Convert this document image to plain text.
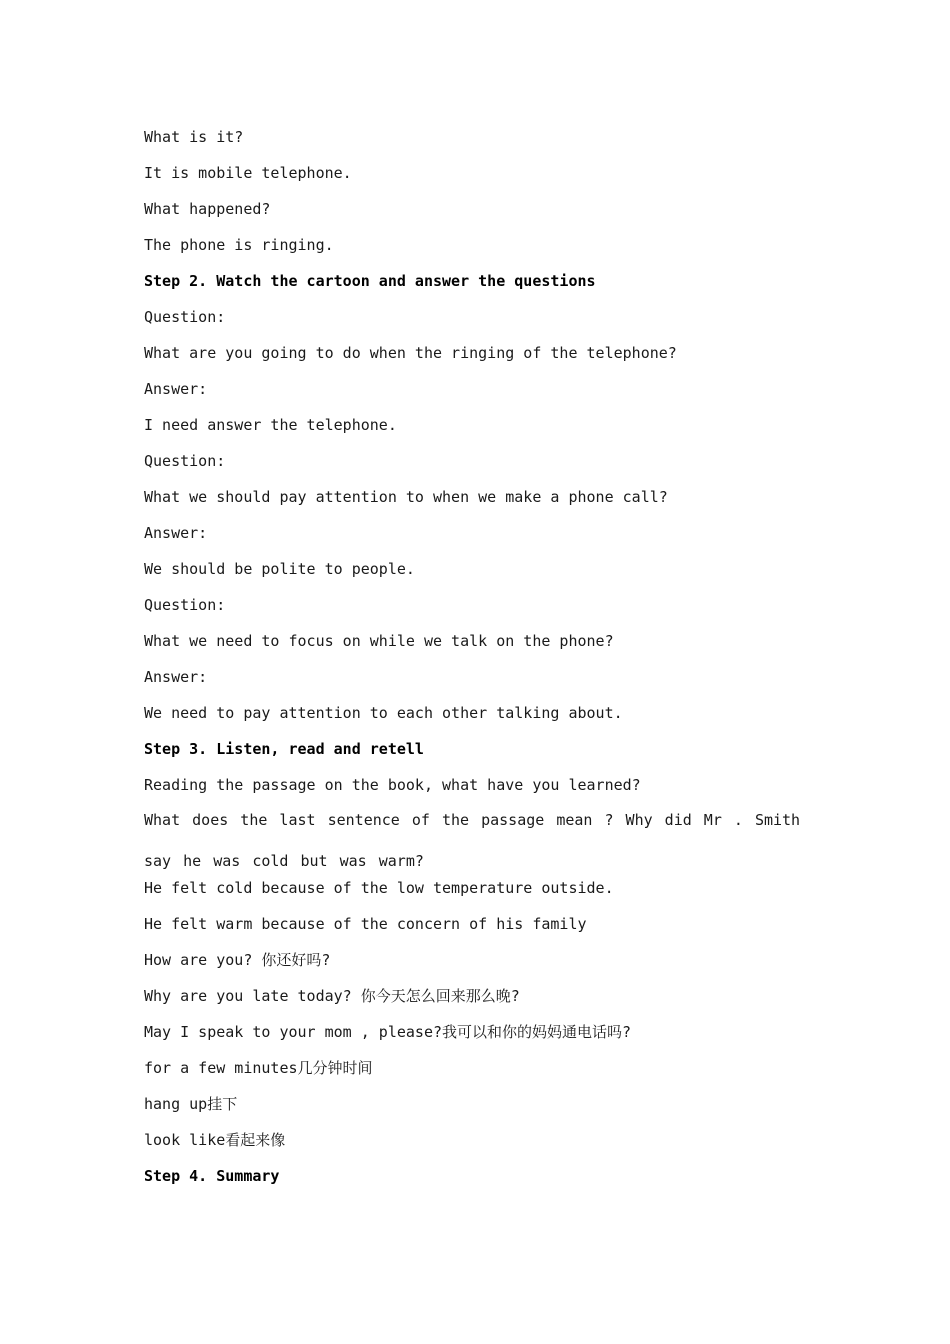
What is it?
It is mobile telephone.
What happened?
The phone is ringing.
Step 2. Watch the cartoon and answer the questions
Question:
What are you going to do when the ringing of the telephone?
Answer:
I need answer the telephone.
Question:
What we should pay attention to when we make a phone call?
Answer:
We should be polite to people.
Question:
What we need to focus on while we talk on the phone?
Answer:
We need to pay attention to each other talking about.
Step 3. Listen, read and retell
Reading the passage on the book, what have you learned?
What does the last sentence of the passage mean ? Why did Mr . Smith say he was cold but was warm?
He felt cold because of the low temperature outside.
He felt warm because of the concern of his family
How are you? 你还好吗?
Why are you late today? 你今天怎么回来那么晚?
May I speak to your mom , please?我可以和你的妈妈通电话吗?
for a few minutes几分钟时间
hang up挂下
look like看起来像
Step 4. Summary
